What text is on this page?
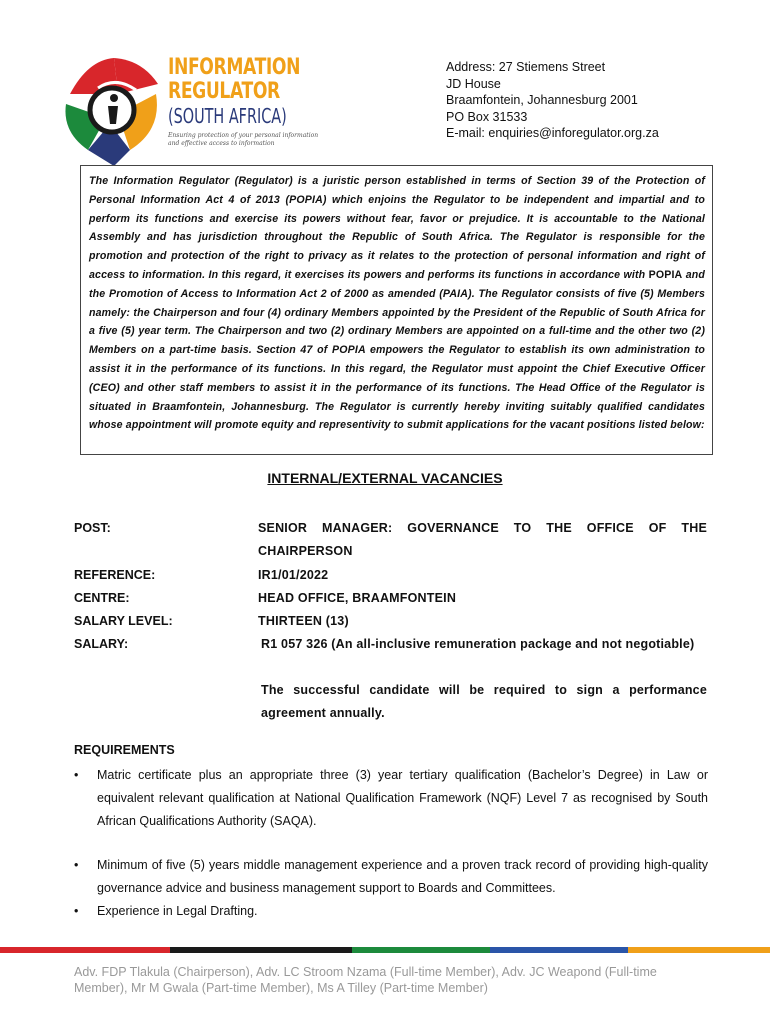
INFORMATION
REGULATOR
(SOUTH AFRICA)
Ensuring protection of your personal information
and effective access to information
Address: 27 Stiemens Street
JD House
Braamfontein, Johannesburg 2001
PO Box 31533
E-mail: enquiries@inforegulator.org.za
The Information Regulator (Regulator) is a juristic person established in terms of Section 39 of the Protection of Personal Information Act 4 of 2013 (POPIA) which enjoins the Regulator to be independent and impartial and to perform its functions and exercise its powers without fear, favor or prejudice. It is accountable to the National Assembly and has jurisdiction throughout the Republic of South Africa. The Regulator is responsible for the promotion and protection of the right to privacy as it relates to the protection of personal information and right of access to information. In this regard, it exercises its powers and performs its functions in accordance with POPIA and the Promotion of Access to Information Act 2 of 2000 as amended (PAIA). The Regulator consists of five (5) Members namely: the Chairperson and four (4) ordinary Members appointed by the President of the Republic of South Africa for a five (5) year term. The Chairperson and two (2) ordinary Members are appointed on a full-time and the other two (2) Members on a part-time basis. Section 47 of POPIA empowers the Regulator to establish its own administration to assist it in the performance of its functions. In this regard, the Regulator must appoint the Chief Executive Officer (CEO) and other staff members to assist it in the performance of its functions. The Head Office of the Regulator is situated in Braamfontein, Johannesburg. The Regulator is currently hereby inviting suitably qualified candidates whose appointment will promote equity and representivity to submit applications for the vacant positions listed below:
INTERNAL/EXTERNAL VACANCIES
POST:	SENIOR MANAGER: GOVERNANCE TO THE OFFICE OF THE CHAIRPERSON
REFERENCE:	IR1/01/2022
CENTRE:	HEAD OFFICE, BRAAMFONTEIN
SALARY LEVEL:	THIRTEEN (13)
SALARY:	R1 057 326 (An all-inclusive remuneration package and not negotiable)
The successful candidate will be required to sign a performance agreement annually.
REQUIREMENTS
• Matric certificate plus an appropriate three (3) year tertiary qualification (Bachelor’s Degree) in Law or equivalent relevant qualification at National Qualification Framework (NQF) Level 7 as recognised by South African Qualifications Authority (SAQA).
• Minimum of five (5) years middle management experience and a proven track record of providing high-quality governance advice and business management support to Boards and Committees.
• Experience in Legal Drafting.
Adv. FDP Tlakula (Chairperson), Adv. LC Stroom Nzama (Full-time Member), Adv. JC Weapond (Full-time Member), Mr M Gwala (Part-time Member), Ms A Tilley (Part-time Member)
